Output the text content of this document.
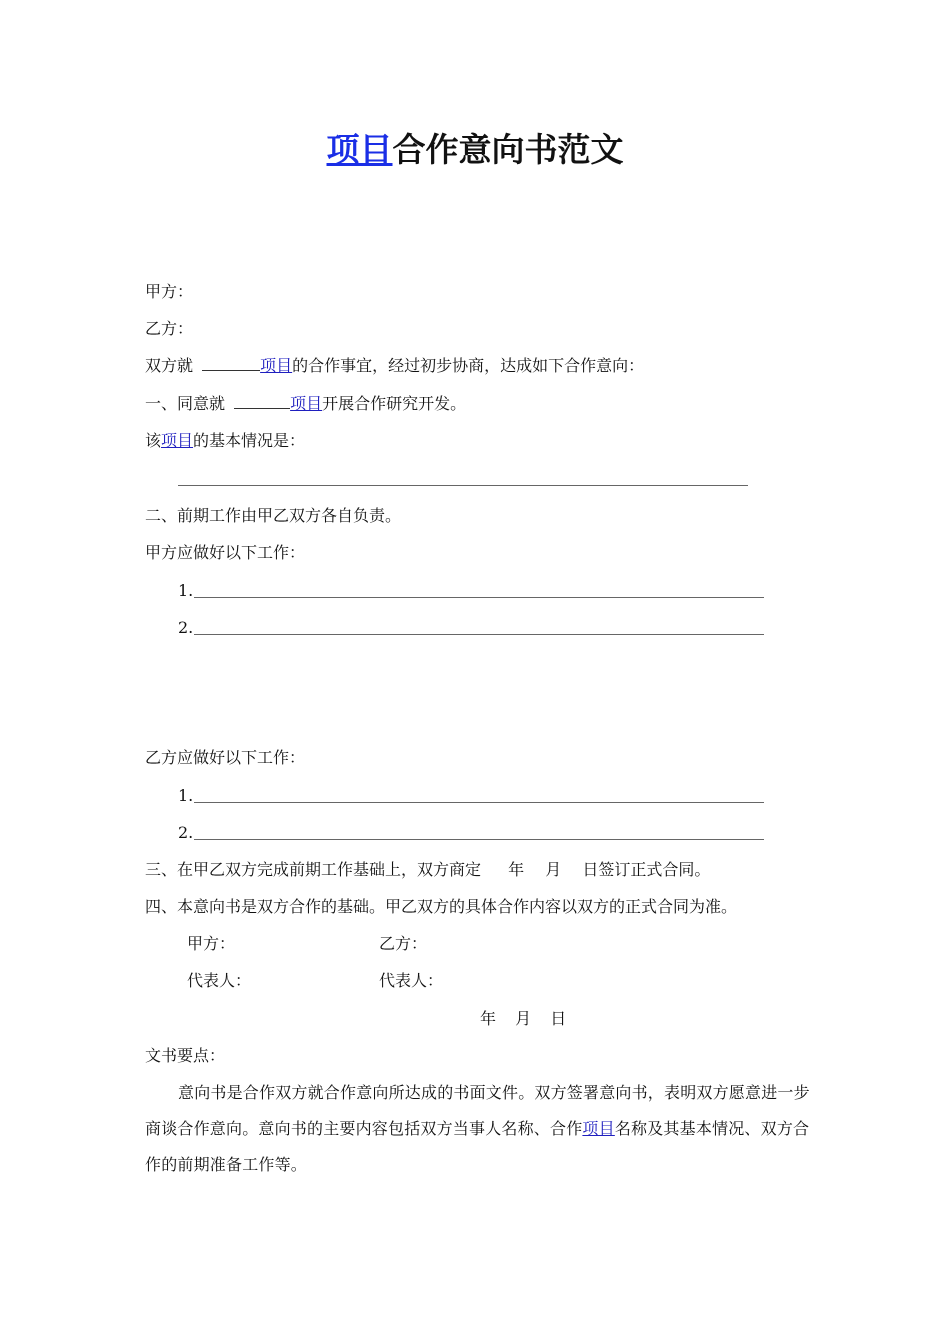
项目合作意向书范文
甲方：
乙方：
双方就	项目的合作事宜，经过初步协商，达成如下合作意向：
一、同意就	项目开展合作研究开发。
该项目的基本情况是：
二、前期工作由甲乙双方各自负责。
甲方应做好以下工作：
1.
2.
乙方应做好以下工作：
1.
2.
三、在甲乙双方完成前期工作基础上，双方商定 年 月 日签订正式合同。
四、本意向书是双方合作的基础。甲乙双方的具体合作内容以双方的正式合同为准。
甲方：	乙方：
代表人：	代表人：
年 月 日
文书要点：
意向书是合作双方就合作意向所达成的书面文件。双方签署意向书，表明双方愿意进一步商谈合作意向。意向书的主要内容包括双方当事人名称、合作项目名称及其基本情况、双方合作的前期准备工作等。
